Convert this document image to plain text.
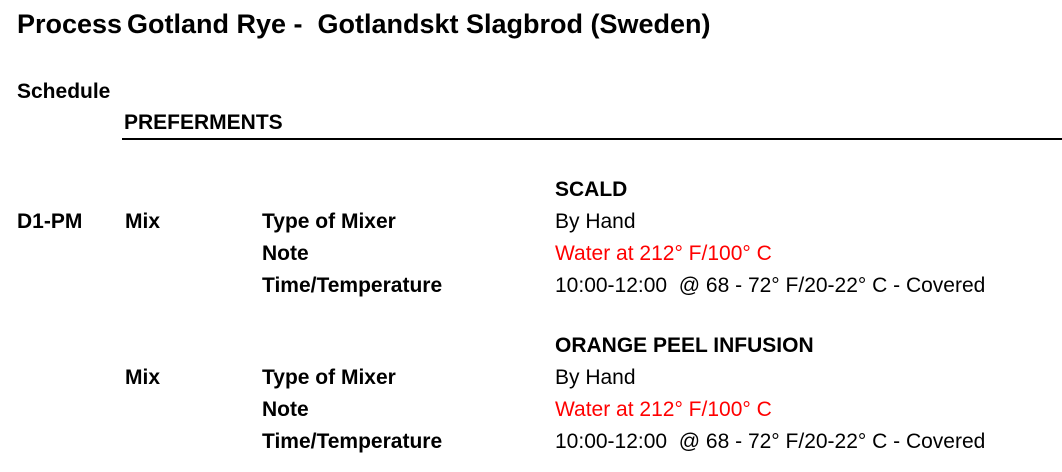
Process Gotland Rye -  Gotlandskt Slagbrod (Sweden)
Schedule
PREFERMENTS
SCALD
D1-PM Mix	Type of Mixer	By Hand
Note	Water at 212° F/100° C
Time/Temperature	10:00-12:00  @ 68 - 72° F/20-22° C - Covered
ORANGE PEEL INFUSION
Mix	Type of Mixer	By Hand
Note	Water at 212° F/100° C
Time/Temperature	10:00-12:00  @ 68 - 72° F/20-22° C - Covered
